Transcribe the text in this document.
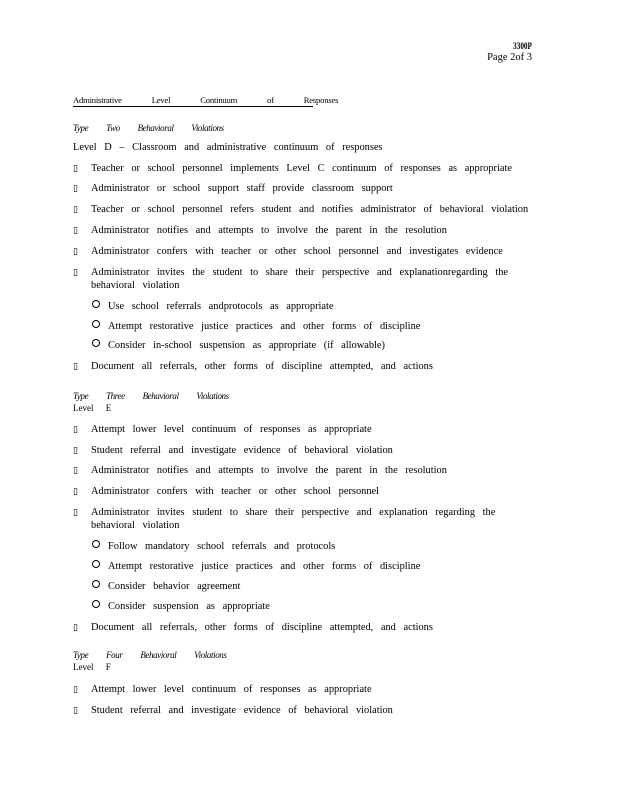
3300P
Page 2of 3
Administrative Level Continuum of Responses
Type Two Behavioral Violations
Level D – Classroom and administrative continuum of responses
▯	Teacher or school personnel implements Level C continuum of responses as appropriate
▯	Administrator or school support staff provide classroom support
▯	Teacher or school personnel refers student and notifies administrator of behavioral violation
▯	Administrator notifies and attempts to involve the parent in the resolution
▯	Administrator confers with teacher or other school personnel and investigates evidence
▯	Administrator invites the student to share their perspective and explanationregarding the behavioral violation
Use school referrals andprotocols as appropriate
Attempt restorative justice practices and other forms of discipline
Consider in-school suspension as appropriate (if allowable)
▯	Document all referrals, other forms of discipline attempted, and actions
Type Three Behavioral Violations
Level E
▯	Attempt lower level continuum of responses as appropriate
▯	Student referral and investigate evidence of behavioral violation
▯	Administrator notifies and attempts to involve the parent in the resolution
▯	Administrator confers with teacher or other school personnel
▯	Administrator invites student to share their perspective and explanation regarding the behavioral violation
Follow mandatory school referrals and protocols
Attempt restorative justice practices and other forms of discipline
Consider behavior agreement
Consider suspension as appropriate
▯	Document all referrals, other forms of discipline attempted, and actions
Type Four Behavioral Violations
Level F
▯	Attempt lower level continuum of responses as appropriate
▯	Student referral and investigate evidence of behavioral violation
